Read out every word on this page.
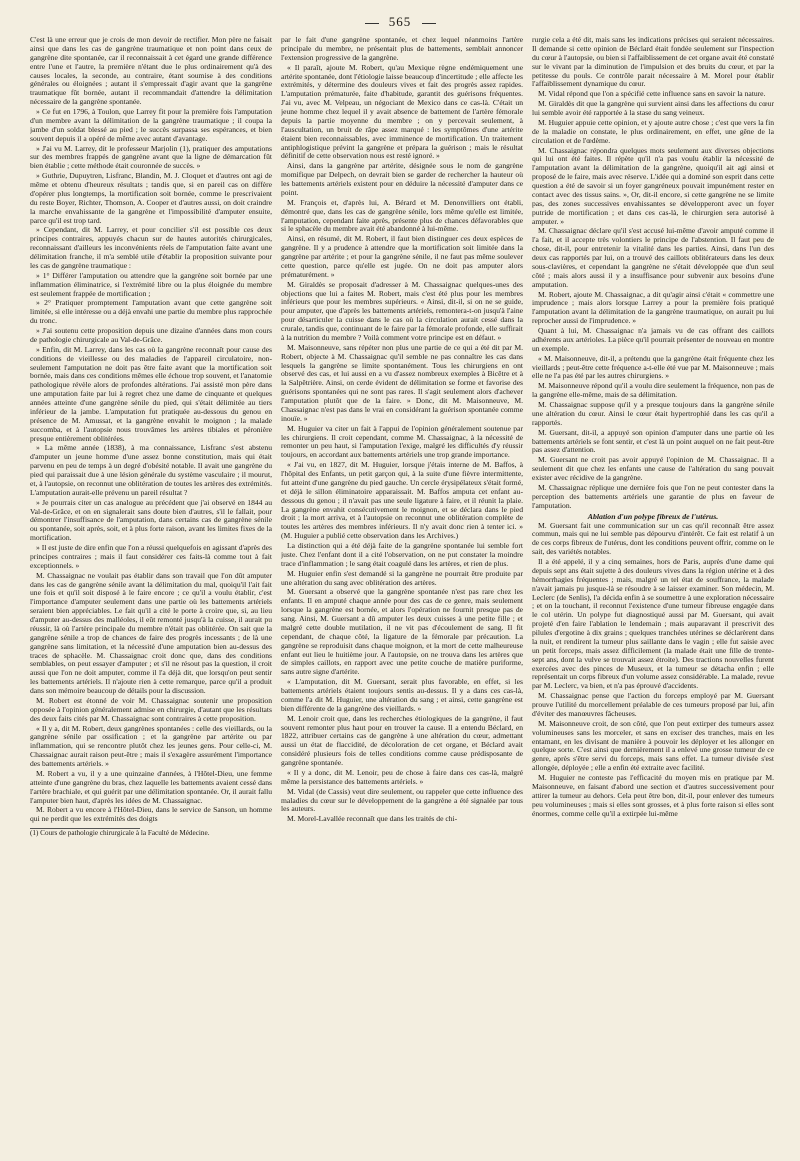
565

C'est là une erreur que je crois de mon devoir de rectifier. Mon père ne faisait ainsi que dans les cas de gangrène traumatique et non point dans ceux de gangrène dite spontanée, car il reconnaissait à cet égard une grande différence entre l'une et l'autre, la première n'étant due le plus ordinairement qu'à des causes locales, la seconde, au contraire, étant soumise à des conditions générales ou éloignées ; autant il s'empressait d'agir avant que la gangrène traumatique fût bornée, autant il recommandait d'attendre la délimitation nécessaire de la gangrène spontanée.

» Ce fut en 1796, à Toulon, que Larrey fit pour la première fois l'amputation d'un membre avant la délimitation de la gangrène traumatique ; il coupa la jambe d'un soldat blessé au pied ; le succès surpassa ses espérances, et bien souvent depuis il a opéré de même avec autant d'avantage.

» J'ai vu M. Larrey, dit le professeur Marjolin (1), pratiquer des amputations sur des membres frappés de gangrène avant que la ligne de démarcation fût bien établie ; cette méthode était couronnée de succès. »

» Guthrie, Dupuytren, Lisfranc, Blandin, M. J. Cloquet et d'autres ont agi de même et obtenu d'heureux résultats ; tandis que, si en pareil cas on diffère d'opérer plus longtemps, la mortification soit bornée, comme le prescrivaient du reste Boyer, Richter, Thomson, A. Cooper et d'autres aussi, on doit craindre la marche envahissante de la gangrène et l'impossibilité d'amputer ensuite, parce qu'il est trop tard.

» Cependant, dit M. Larrey, et pour concilier s'il est possible ces deux principes contraires, appuyés chacun sur de hautes autorités chirurgicales, reconnaissant d'ailleurs les inconvénients réels de l'amputation faite avant une délimitation franche, il m'a semblé utile d'établir la proposition suivante pour les cas de gangrène traumatique :

» 1° Différer l'amputation ou attendre que la gangrène soit bornée par une inflammation éliminatrice, si l'extrémité libre ou la plus éloignée du membre est seulement frappée de mortification ;

» 2° Pratiquer promptement l'amputation avant que cette gangrène soit limitée, si elle intéresse ou a déjà envahi une partie du membre plus rapprochée du tronc.

» J'ai soutenu cette proposition depuis une dizaine d'années dans mon cours de pathologie chirurgicale au Val-de-Grâce.

» Enfin, dit M. Larrey, dans les cas où la gangrène reconnaît pour cause des conditions de vieillesse ou des maladies de l'appareil circulatoire, non-seulement l'amputation ne doit pas être faite avant que la mortification soit bornée, mais dans ces conditions mêmes elle échoue trop souvent, et l'anatomie pathologique révèle alors de profondes altérations. J'ai assisté mon père dans une amputation faite par lui à regret chez une dame de cinquante et quelques années atteinte d'une gangrène sénile du pied, qui s'était délimitée au tiers inférieur de la jambe. L'amputation fut pratiquée au-dessous du genou en présence de M. Amussat, et la gangrène envahit le moignon ; la malade succomba, et à l'autopsie nous trouvâmes les artères tibiales et péronière presque entièrement oblitérées.

» La même année (1838), à ma connaissance, Lisfranc s'est abstenu d'amputer un jeune homme d'une assez bonne constitution, mais qui était parvenu en peu de temps à un degré d'obésité notable. Il avait une gangrène du pied qui paraissait due à une lésion générale du système vasculaire ; il mourut, et, à l'autopsie, on reconnut une oblitération de toutes les artères des extrémités. L'amputation aurait-elle prévenu un pareil résultat ?

» Je pourrais citer un cas analogue au précédent que j'ai observé en 1844 au Val-de-Grâce, et on en signalerait sans doute bien d'autres, s'il le fallait, pour démontrer l'insuffisance de l'amputation, dans certains cas de gangrène sénile ou spontanée, soit après, soit, et à plus forte raison, avant les limites fixes de la mortification.

» Il est juste de dire enfin que l'on a réussi quelquefois en agissant d'après des principes contraires ; mais il faut considérer ces faits-là comme tout à fait exceptionnels. »

M. Chassaignac ne voulait pas établir dans son travail que l'on dût amputer dans les cas de gangrène sénile avant la délimitation du mal, quoiqu'il l'ait fait une fois et qu'il soit disposé à le faire encore ; ce qu'il a voulu établir, c'est l'importance d'amputer seulement dans une partie où les battements artériels seraient bien appréciables. Le fait qu'il a cité le porte à croire que, si, au lieu d'amputer au-dessus des malléoles, il eût remonté jusqu'à la cuisse, il aurait pu réussir, là où l'artère principale du membre n'était pas oblitérée. On sait que la gangrène sénile a trop de chances de faire des progrès incessants ; de là une gangrène sans limitation, et la nécessité d'une amputation bien au-dessus des traces de sphacèle. M. Chassaignac croit donc que, dans des conditions semblables, on peut essayer d'amputer ; et s'il ne résout pas la question, il croit aussi que l'on ne doit amputer, comme il l'a déjà dit, que lorsqu'on peut sentir les battements artériels. Il n'ajoute rien à cette remarque, parce qu'il a produit dans son mémoire beaucoup de détails pour la discussion.

M. Robert est étonné de voir M. Chassaignac soutenir une proposition opposée à l'opinion généralement admise en chirurgie, d'autant que les résultats des deux faits cités par M. Chassaignac sont contraires à cette proposition.

« Il y a, dit M. Robert, deux gangrènes spontanées : celle des vieillards, ou la gangrène sénile par ossification ; et la gangrène par artérite ou par inflammation, qui se rencontre plutôt chez les jeunes gens. Pour celle-ci, M. Chassaignac aurait raison peut-être ; mais il s'exagère assurément l'importance des battements artériels. »

M. Robert a vu, il y a une quinzaine d'années, à l'Hôtel-Dieu, une femme atteinte d'une gangrène du bras, chez laquelle les battements avaient cessé dans l'artère brachiale, et qui guérit par une délimitation spontanée. Or, il aurait fallu l'amputer bien haut, d'après les idées de M. Chassaignac.

M. Robert a vu encore à l'Hôtel-Dieu, dans le service de Sanson, un homme qui ne perdit que les extrémités des doigts

(1) Cours de pathologie chirurgicale à la Faculté de Médecine.

par le fait d'une gangrène spontanée, et chez lequel néanmoins l'artère principale du membre, ne présentait plus de battements, semblait annoncer l'extension progressive de la gangrène.

« Il paraît, ajoute M. Robert, qu'au Mexique règne endémiquement une artérite spontanée, dont l'étiologie laisse beaucoup d'incertitude ; elle affecte les extrémités, y détermine des douleurs vives et fait des progrès assez rapides. L'amputation prématurée, faite d'habitude, garantit des guérisons fréquentes. J'ai vu, avec M. Velpeau, un négociant de Mexico dans ce cas-là. C'était un jeune homme chez lequel il y avait absence de battement de l'artère fémorale depuis la partie moyenne du membre ; on y percevait seulement, à l'auscultation, un bruit de râpe assez marqué : les symptômes d'une artérite étaient bien reconnaissables, avec imminence de mortification. Un traitement antiphlogistique prévint la gangrène et prépara la guérison ; mais le résultat définitif de cette observation nous est resté ignoré. »

Ainsi, dans la gangrène par artérite, désignée sous le nom de gangrène momifique par Delpech, on devrait bien se garder de rechercher la hauteur où les battements artériels existent pour en déduire la nécessité d'amputer dans ce point.

M. François et, d'après lui, A. Bérard et M. Denonvilliers ont établi, démontré que, dans les cas de gangrène sénile, lors même qu'elle est limitée, l'amputation, cependant faite après, présente plus de chances défavorables que si le sphacèle du membre avait été abandonné à lui-même.

Ainsi, en résumé, dit M. Robert, il faut bien distinguer ces deux espèces de gangrène. Il y a prudence à attendre que la mortification soit limitée dans la gangrène par artérite ; et pour la gangrène sénile, il ne faut pas même soulever cette question, parce qu'elle est jugée. On ne doit pas amputer alors prématurément. »

M. Giraldès se proposait d'adresser à M. Chassaignac quelques-unes des objections que lui a faites M. Robert, mais c'est été plus pour les membres inférieurs que pour les membres supérieurs. « Ainsi, dit-il, si on ne se guide, pour amputer, que d'après les battements artériels, remontera-t-on jusqu'à l'aine pour désarticuler la cuisse dans le cas où la circulation aurait cessé dans la crurale, tandis que, continuant de le faire par la fémorale profonde, elle suffirait à la nutrition du membre ? Voilà comment votre principe est en défaut. »

M. Maisonneuve, sans répéter non plus une partie de ce qui a été dit par M. Robert, objecte à M. Chassaignac qu'il semble ne pas connaître les cas dans lesquels la gangrène se limite spontanément. Tous les chirurgiens en ont observé des cas, et lui aussi en a vu d'assez nombreux exemples à Bicêtre et à la Salpêtrière. Ainsi, on cerde évident de délimitation se forme et favorise des guérisons spontanées qui ne sont pas rares. Il s'agit seulement alors d'achever l'amputation plutôt que de la faire. » Donc, dit M. Maisonneuve, M. Chassaignac n'est pas dans le vrai en considérant la guérison spontanée comme inouïe. »

M. Huguier va citer un fait à l'appui de l'opinion généralement soutenue par les chirurgiens. Il croit cependant, comme M. Chassaignac, à la nécessité de remonter un peu haut, si l'amputation l'exige, malgré les difficultés d'y réussir toujours, en accordant aux battements artériels une trop grande importance.

« J'ai vu, en 1827, dit M. Huguier, lorsque j'étais interne de M. Baffos, à l'hôpital des Enfants, un petit garçon qui, à la suite d'une fièvre intermittente, fut atteint d'une gangrène du pied gauche. Un cercle érysipélateux s'était formé, et déjà le sillon éliminatoire apparaissait. M. Baffos amputa cet enfant au-dessous du genou ; il n'avait pas une seule ligature à faire, et il réunit la plaie. La gangrène envahit consécutivement le moignon, et se déclara dans le pied droit ; la mort arriva, et à l'autopsie on reconnut une oblitération complète de toutes les artères des membres inférieurs. Il n'y avait donc rien à tenter ici. » (M. Huguier a publié cette observation dans les Archives.)

La distinction qui a été déjà faite de la gangrène spontanée lui semble fort juste. Chez l'enfant dont il a cité l'observation, on ne put constater la moindre trace d'inflammation ; le sang était coagulé dans les artères, et rien de plus.

M. Huguier enfin s'est demandé si la gangrène ne pourrait être produite par une altération du sang avec oblitération des artères.

M. Guersant a observé que la gangrène spontanée n'est pas rare chez les enfants. Il en amputé chaque année pour des cas de ce genre, mais seulement lorsque la gangrène est bornée, et alors l'opération ne fournit presque pas de sang. Ainsi, M. Guersant a dû amputer les deux cuisses à une petite fille ; et malgré cette double mutilation, il ne vit pas d'écoulement de sang. Il fit cependant, de chaque côté, la ligature de la fémorale par précaution. La gangrène se reproduisit dans chaque moignon, et la mort de cette malheureuse enfant eut lieu le huitième jour. A l'autopsie, on ne trouva dans les artères que de simples caillots, en rapport avec une petite couche de matière puriforme, sans autre signe d'artérite.

« L'amputation, dit M. Guersant, serait plus favorable, en effet, si les battements artériels étaient toujours sentis au-dessus. Il y a dans ces cas-là, comme l'a dit M. Huguier, une altération du sang ; et ainsi, cette gangrène est bien différente de la gangrène des vieillards. »

M. Lenoir croit que, dans les recherches étiologiques de la gangrène, il faut souvent remonter plus haut pour en trouver la cause. Il a entendu Béclard, en 1822, attribuer certains cas de gangrène à une altération du cœur, admettant aussi un état de flaccidité, de décoloration de cet organe, et Béclard avait considéré plusieurs fois de telles conditions comme cause prédisposante de gangrène spontanée.

« Il y a donc, dit M. Lenoir, peu de chose à faire dans ces cas-là, malgré même la persistance des battements artériels. »

M. Vidal (de Cassis) veut dire seulement, ou rappeler que cette influence des maladies du cœur sur le développement de la gangrène a été signalée par tous les auteurs.

M. Morel-Lavallée reconnaît que dans les traités de chi-

rurgie cela a été dit, mais sans les indications précises qui seraient nécessaires. Il demande si cette opinion de Béclard était fondée seulement sur l'inspection du cœur à l'autopsie, ou bien si l'affaiblissement de cet organe avait été constaté sur le vivant par la diminution de l'impulsion et des bruits du cœur, et par la petitesse du pouls. Ce contrôle parait nécessaire à M. Morel pour établir l'affaiblissement dynamique du cœur.

M. Vidal répond que l'on a spécifié cette influence sans en savoir la nature.

M. Giraldès dit que la gangrène qui survient ainsi dans les affections du cœur lui semble avoir été rapportée à la stase du sang veineux.

M. Huguier appuie cette opinion, et y ajoute autre chose ; c'est que vers la fin de la maladie on constate, le plus ordinairement, en effet, une gêne de la circulation et de l'œdème.

M. Chassaignac répondra quelques mots seulement aux diverses objections qui lui ont été faites. Il répète qu'il n'a pas voulu établir la nécessité de l'amputation avant la délimitation de la gangrène, quoiqu'il ait agi ainsi et proposé de le faire, mais avec réserve. L'idée qui a dominé son esprit dans cette question a été de savoir si un foyer gangréneux pouvait impunément rester en contact avec des tissus sains. », Or, dit-il encore, si cette gangrène ne se limite pas, des zones successives envahissantes se développeront avec un foyer putride de mortification ; et dans ces cas-là, le chirurgien sera autorisé à amputer. »

M. Chassaignac déclare qu'il s'est accusé lui-même d'avoir amputé comme il l'a fait, et il accepte très volontiers le principe de l'abstention. Il faut peu de chose, dit-il, pour entretenir la vitalité dans les parties. Ainsi, dans l'un des deux cas rapportés par lui, on a trouvé des caillots oblitérateurs dans les deux sous-clavières, et cependant la gangrène ne s'était développée que d'un seul côté ; mais alors aussi il y a insuffisance pour subvenir aux besoins d'une amputation.

M. Robert, ajoute M. Chassaignac, a dit qu'agir ainsi c'était « commettre une imprudence ; mais alors lorsque Larrey a pour la première fois pratiqué l'amputation avant la délimitation de la gangrène traumatique, on aurait pu lui reprocher aussi de l'imprudence. »

Quant à lui, M. Chassaignac n'a jamais vu de cas offrant des caillots adhérents aux artérioles. La pièce qu'il pourrait présenter de nouveau en montre un exemple.

« M. Maisonneuve, dit-il, a prétendu que la gangrène était fréquente chez les vieillards ; peut-être cette fréquence a-t-elle été vue par M. Maisonneuve ; mais elle ne l'a pas été par les autres chirurgiens. »

M. Maisonneuve répond qu'il a voulu dire seulement la fréquence, non pas de la gangrène elle-même, mais de sa délimitation.

M. Chassaignac suppose qu'il y a presque toujours dans la gangrène sénile une altération du cœur. Ainsi le cœur était hypertrophié dans les cas qu'il a rapportés.

M. Guersant, dit-il, a appuyé son opinion d'amputer dans une partie où les battements artériels se font sentir, et c'est là un point auquel on ne fait peut-être pas assez d'attention.

M. Guersant ne croit pas avoir appuyé l'opinion de M. Chassaignac. Il a seulement dit que chez les enfants une cause de l'altération du sang pouvait exister avec récidive de la gangrène.

M. Chassaignac réplique une dernière fois que l'on ne peut contester dans la perception des battements artériels une garantie de plus en faveur de l'amputation.

Ablation d'un polype fibreux de l'utérus.

M. Guersant fait une communication sur un cas qu'il reconnaît être assez commun, mais qui ne lui semble pas dépourvu d'intérêt. Ce fait est relatif à un de ces corps fibreux de l'utérus, dont les conditions peuvent offrir, comme on le sait, des variétés notables.

Il a été appelé, il y a cinq semaines, hors de Paris, auprès d'une dame qui depuis sept ans était sujette à des douleurs vives dans la région utérine et à des hémorrhagies fréquentes ; mais, malgré un tel état de souffrance, la malade n'avait jamais pu jusque-là se résoudre à se laisser examiner. Son médecin, M. Leclerc (de Senlis), l'a décida enfin à se soumettre à une exploration nécessaire ; et on la touchant, il reconnut l'existence d'une tumeur fibreuse engagée dans le col utérin. Un polype fut diagnostiqué aussi par M. Guersant, qui avait projeté d'en faire l'ablation le lendemain ; mais auparavant il prescrivit des pilules d'ergotine à dix grains ; quelques tranchées utérines se déclarèrent dans la nuit, et rendirent la tumeur plus saillante dans le vagin ; elle fut saisie avec un petit forceps, mais assez difficilement (la malade était une fille de trente-sept ans, dont la vulve se trouvait assez étroite). Des tractions nouvelles furent exercées avec des pinces de Museux, et la tumeur se détacha enfin ; elle représentait un corps fibreux d'un volume assez considérable. La malade, revue par M. Leclerc, va bien, et n'a pas éprouvé d'accidents.

M. Chassaignac pense que l'action du forceps employé par M. Guersant prouve l'utilité du morcellement préalable de ces tumeurs proposé par lui, afin d'éviter des manœuvres fâcheuses.

M. Maisonneuve croit, de son côté, que l'on peut extirper des tumeurs assez volumineuses sans les morceler, et sans en exciser des tranches, mais en les entamant, en les divisant de manière à pouvoir les déployer et les allonger en quelque sorte. C'est ainsi que dernièrement il a enlevé une grosse tumeur de ce genre, après s'être servi du forceps, mais sans effet. La tumeur divisée s'est allongée, déployée ; elle a enfin été extraite avec facilité.

M. Huguier ne conteste pas l'efficacité du moyen mis en pratique par M. Maisonneuve, en faisant d'abord une section et d'autres successivement pour attirer la tumeur au dehors. Cela peut être bon, dit-il, pour enlever des tumeurs peu volumineuses ; mais si elles sont grosses, et à plus forte raison si elles sont énormes, comme celle qu'il a extirpée lui-même
